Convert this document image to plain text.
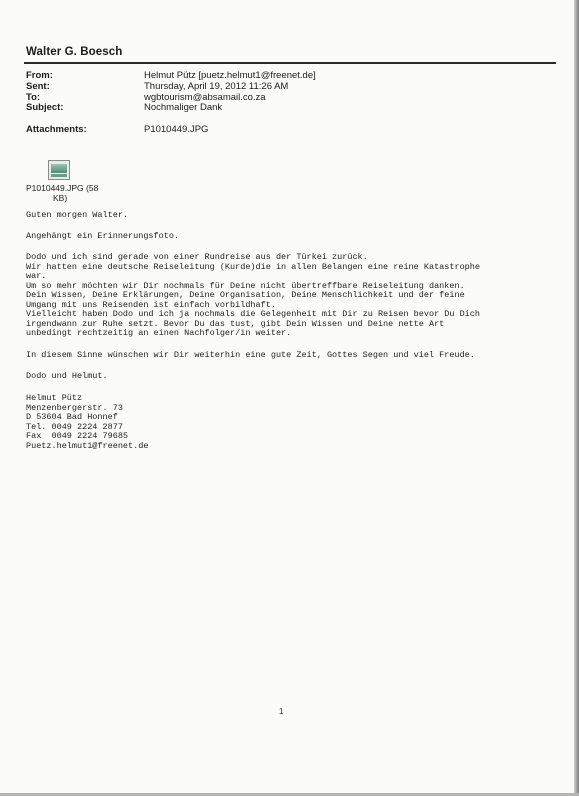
Walter G. Boesch
From:	Helmut Pütz [puetz.helmut1@freenet.de]
Sent:	Thursday, April 19, 2012 11:26 AM
To:	wgbtourism@absamail.co.za
Subject:	Nochmaliger Dank
Attachments:	P1010449.JPG
P1010449.JPG (58
KB)
Guten morgen Walter.
Angehängt ein Erinnerungsfoto.
Dodo und ich sind gerade von einer Rundreise aus der Türkei zurück.
Wir hatten eine deutsche Reiseleitung (Kurde)die in allen Belangen eine reine Katastrophe
war.
Um so mehr möchten wir Dir nochmals für Deine nicht übertreffbare Reiseleitung danken.
Dein Wissen, Deine Erklärungen, Deine Organisation, Deine Menschlichkeit und der feine
Umgang mit uns Reisenden ist einfach vorbildhaft.
Vielleicht haben Dodo und ich ja nochmals die Gelegenheit mit Dir zu Reisen bevor Du Dich
irgendwann zur Ruhe setzt. Bevor Du das tust, gibt Dein Wissen und Deine nette Art
unbedingt rechtzeitig an einen Nachfolger/in weiter.
In diesem Sinne wünschen wir Dir weiterhin eine gute Zeit, Gottes Segen und viel Freude.
Dodo und Helmut.
Helmut Pütz
Menzenbergerstr. 73
D 53604 Bad Honnef
Tel. 0049 2224 2877
Fax  0049 2224 79685
Puetz.helmut1@freenet.de
1
